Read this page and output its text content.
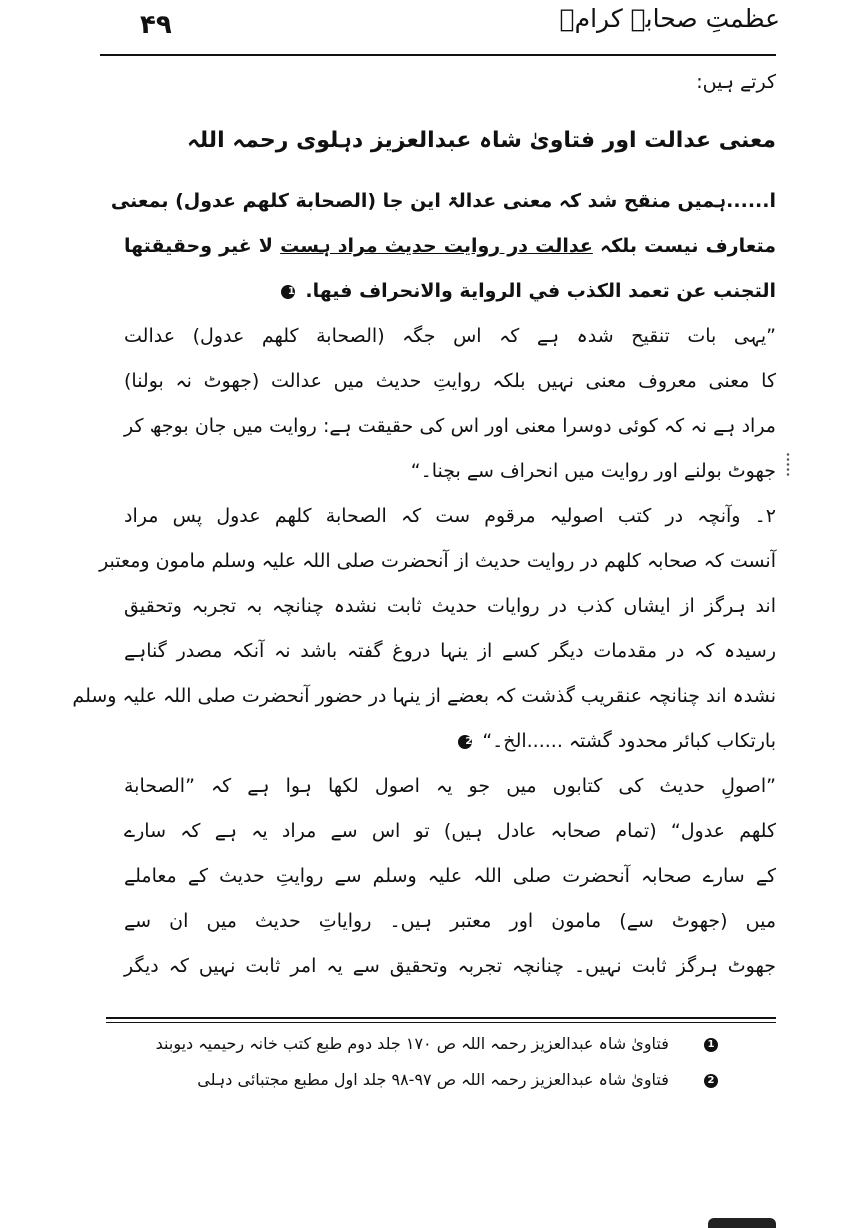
۴۹	عظمتِ صحابہ کرامؓ
کرتے ہیں:
معنی عدالت اور فتاویٰ شاہ عبدالعزیز دہلوی رحمہ اللہ
ا......ہمیں منقح شد کہ معنی عدالۃ این جا (الصحابة کلھم عدول) بمعنی
متعارف نیست بلکہ عدالت در روایت حدیث مراد ہست لا غیر وحقیقتھا
التجنب عن تعمد الكذب في الرواية والانحراف فيها. 1
”یہی بات تنقیح شدہ ہے کہ اس جگہ (الصحابة کلھم عدول) عدالت
کا معنی معروف معنی نہیں بلکہ روایتِ حدیث میں عدالت (جھوٹ نہ بولنا)
مراد ہے نہ کہ کوئی دوسرا معنی اور اس کی حقیقت ہے: روایت میں جان بوجھ کر
جھوٹ بولنے اور روایت میں انحراف سے بچنا۔“
۲۔ وآنچہ در کتب اصولیہ مرقوم ست کہ الصحابة کلھم عدول پس مراد
آنست کہ صحابہ کلھم در روایت حدیث از آنحضرت صلی اللہ علیہ وسلم مامون ومعتبر
اند ہرگز از ایشاں کذب در روایات حدیث ثابت نشدہ چنانچہ بہ تجربہ وتحقیق
رسیدہ کہ در مقدمات دیگر کسے از ینہا دروغ گفتہ باشد نہ آنکہ مصدر گناہے
نشدہ اند چنانچہ عنقریب گذشت کہ بعضے از ینہا در حضور آنحضرت صلی اللہ علیہ وسلم
بارتکاب کبائر محدود گشتہ ......الخ۔“ 2
”اصولِ حدیث کی کتابوں میں جو یہ اصول لکھا ہوا ہے کہ ”الصحابة
کلھم عدول“ (تمام صحابہ عادل ہیں) تو اس سے مراد یہ ہے کہ سارے
کے سارے صحابہ آنحضرت صلی اللہ علیہ وسلم سے روایتِ حدیث کے معاملے
میں (جھوٹ سے) مامون اور معتبر ہیں۔ روایاتِ حدیث میں ان سے
جھوٹ ہرگز ثابت نہیں۔ چنانچہ تجربہ وتحقیق سے یہ امر ثابت نہیں کہ دیگر
1 فتاویٰ شاہ عبدالعزیز رحمہ اللہ ص ۱۷۰ جلد دوم طبع کتب خانہ رحیمیہ دیوبند
2 فتاویٰ شاہ عبدالعزیز رحمہ اللہ ص ۹۷-۹۸ جلد اول مطبع مجتبائی دہلی
